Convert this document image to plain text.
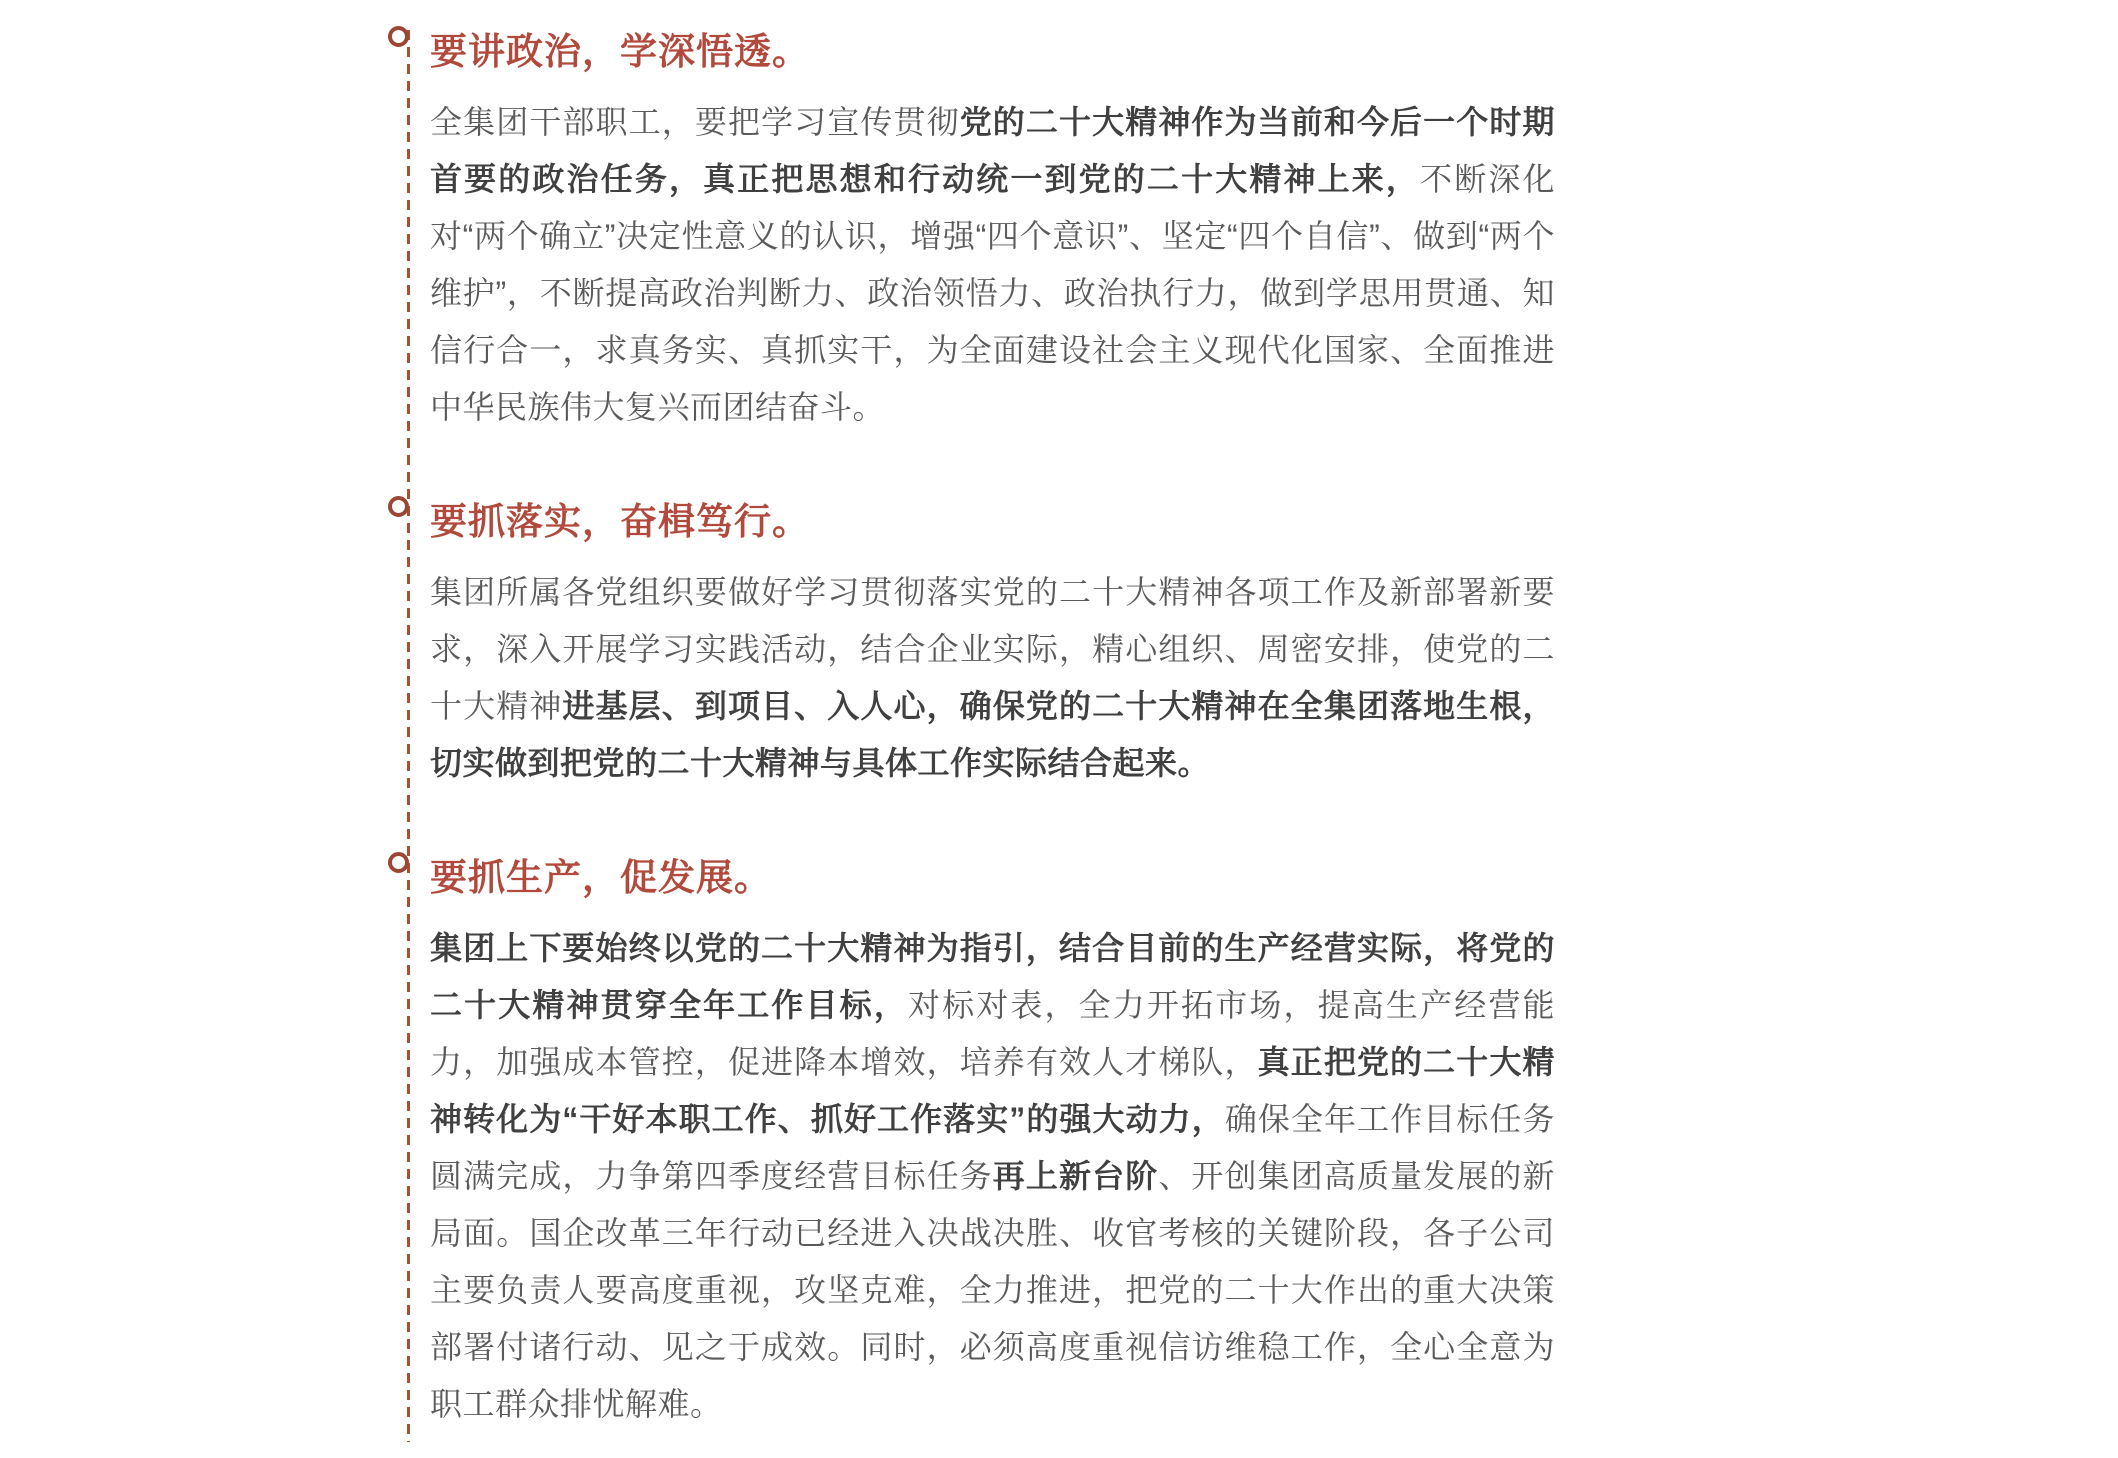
要讲政治，学深悟透。

全集团干部职工，要把学习宣传贯彻党的二十大精神作为当前和今后一个时期首要的政治任务，真正把思想和行动统一到党的二十大精神上来，不断深化对“两个确立”决定性意义的认识，增强“四个意识”、坚定“四个自信”、做到“两个维护”，不断提高政治判断力、政治领悟力、政治执行力，做到学思用贯通、知信行合一，求真务实、真抓实干，为全面建设社会主义现代化国家、全面推进中华民族伟大复兴而团结奋斗。

要抓落实，奋楫笃行。

集团所属各党组织要做好学习贯彻落实党的二十大精神各项工作及新部署新要求，深入开展学习实践活动，结合企业实际，精心组织、周密安排，使党的二十大精神进基层、到项目、入人心，确保党的二十大精神在全集团落地生根，切实做到把党的二十大精神与具体工作实际结合起来。

要抓生产，促发展。

集团上下要始终以党的二十大精神为指引，结合目前的生产经营实际，将党的二十大精神贯穿全年工作目标，对标对表，全力开拓市场，提高生产经营能力，加强成本管控，促进降本增效，培养有效人才梯队，真正把党的二十大精神转化为“干好本职工作、抓好工作落实”的强大动力，确保全年工作目标任务圆满完成，力争第四季度经营目标任务再上新台阶、开创集团高质量发展的新局面。国企改革三年行动已经进入决战决胜、收官考核的关键阶段，各子公司主要负责人要高度重视，攻坚克难，全力推进，把党的二十大作出的重大决策部署付诸行动、见之于成效。同时，必须高度重视信访维稳工作，全心全意为职工群众排忧解难。
